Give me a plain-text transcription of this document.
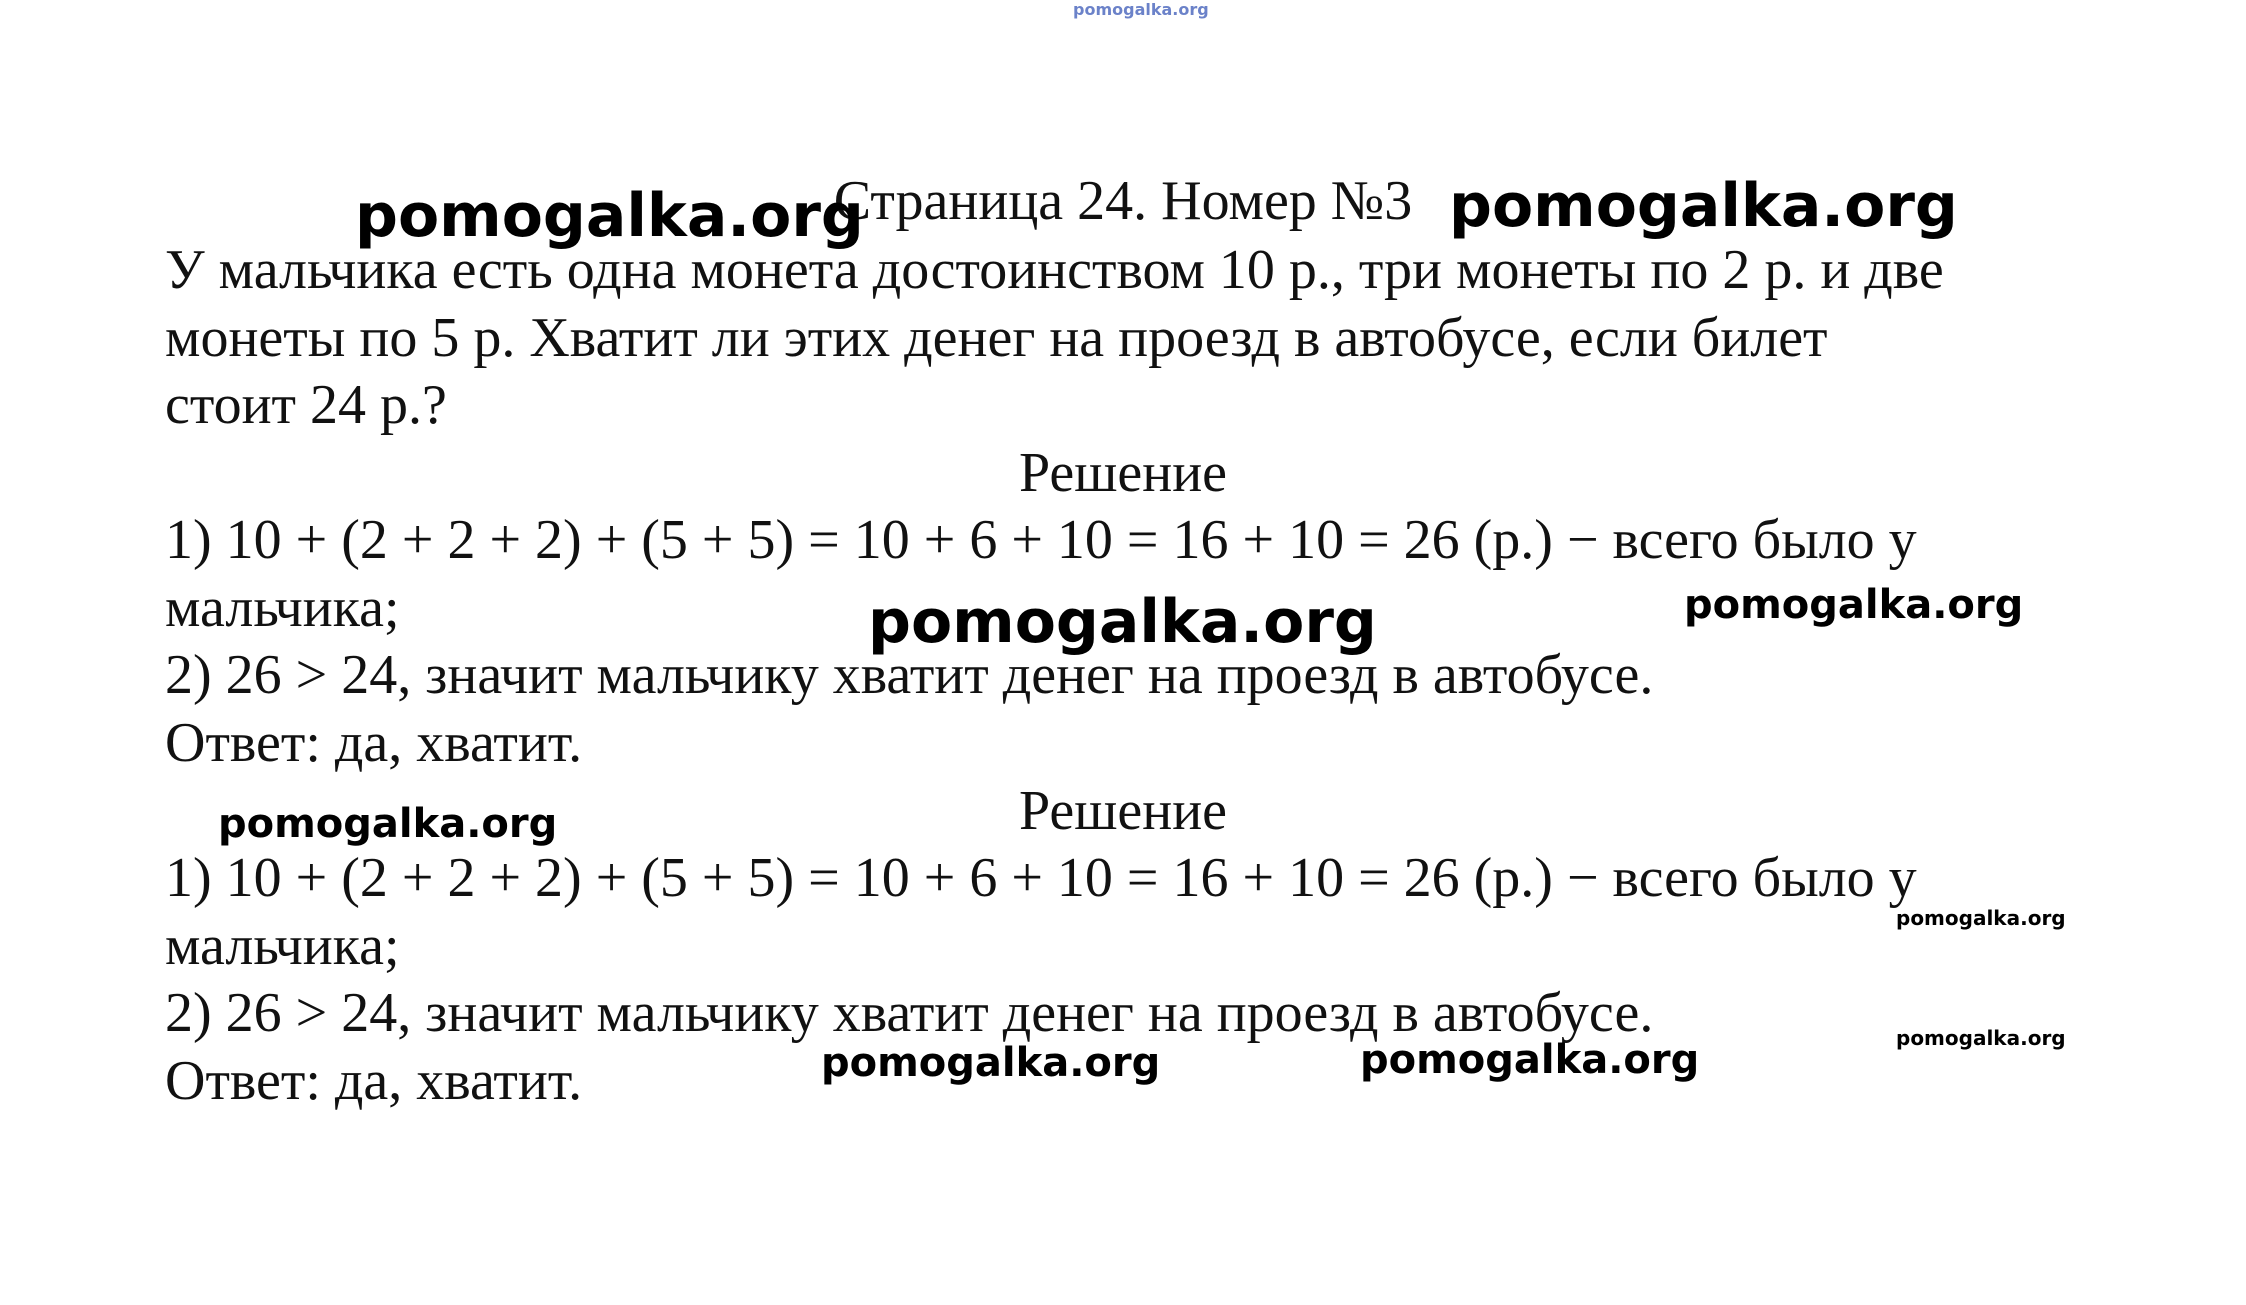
pomogalka.org
Страница 24. Номер №3
У мальчика есть одна монета достоинством 10 р., три монеты по 2 р. и две
монеты по 5 р. Хватит ли этих денег на проезд в автобусе, если билет
стоит 24 р.?
Решение
1) 10 + (2 + 2 + 2) + (5 + 5) = 10 + 6 + 10 = 16 + 10 = 26 (р.) − всего было у
мальчика;
2) 26 > 24, значит мальчику хватит денег на проезд в автобусе.
Ответ: да, хватит.
Решение
1) 10 + (2 + 2 + 2) + (5 + 5) = 10 + 6 + 10 = 16 + 10 = 26 (р.) − всего было у
мальчика;
2) 26 > 24, значит мальчику хватит денег на проезд в автобусе.
Ответ: да, хватит.
pomogalka.org	pomogalka.org
pomogalka.org	pomogalka.org
pomogalka.org
pomogalka.org
pomogalka.org
pomogalka.org	pomogalka.org
